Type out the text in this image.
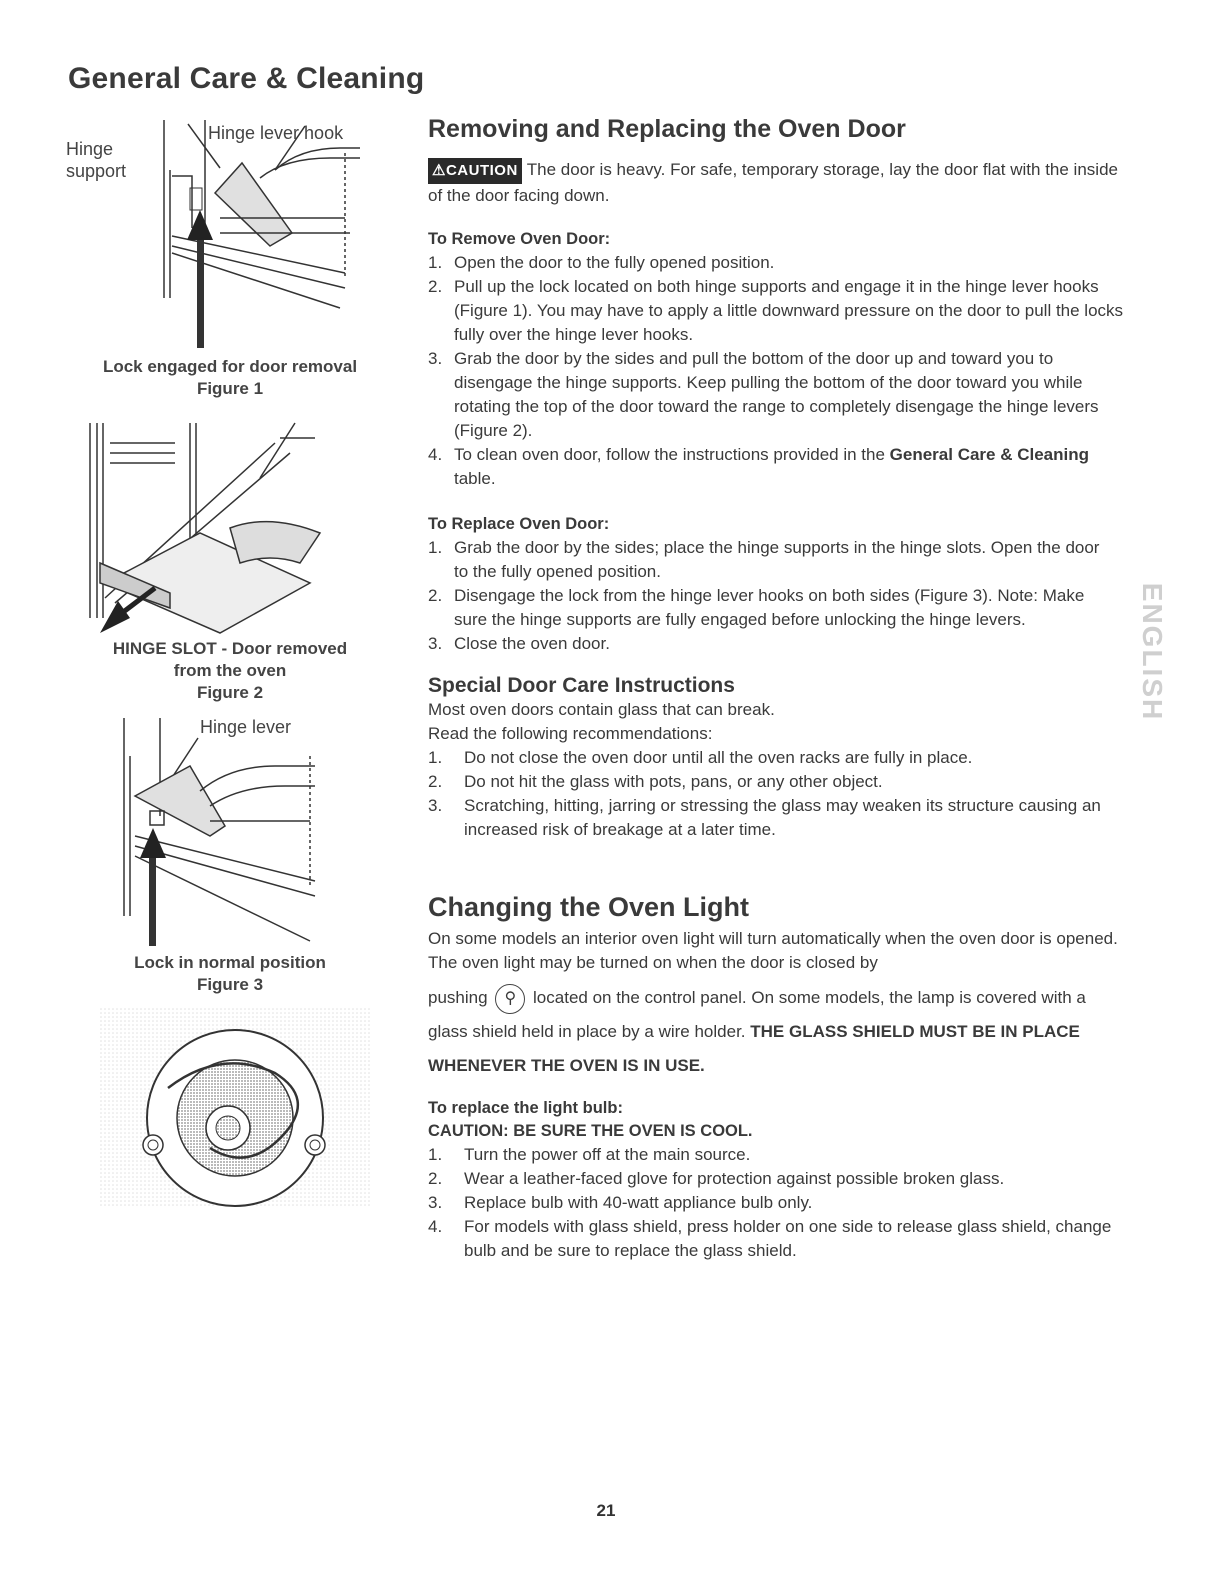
General Care & Cleaning
Hinge
support
Hinge lever hook
Lock engaged for door removal
Figure 1
HINGE SLOT - Door removed
from the oven
Figure 2
Hinge lever
Lock in normal position
Figure 3
Removing and Replacing the Oven Door

⚠CAUTION The door is heavy. For safe, temporary storage, lay the door flat with the inside of the door facing down.

To Remove Oven Door:
1. Open the door to the fully opened position.
2. Pull up the lock located on both hinge supports and engage it in the hinge lever hooks (Figure 1). You may have to apply a little downward pressure on the door to pull the locks fully over the hinge lever hooks.
3. Grab the door by the sides and pull the bottom of the door up and toward you to disengage the hinge supports. Keep pulling the bottom of the door toward you while rotating the top of the door toward the range to completely disengage the hinge levers (Figure 2).
4. To clean oven door, follow the instructions provided in the General Care & Cleaning table.
To Replace Oven Door:
1. Grab the door by the sides; place the hinge supports in the hinge slots. Open the door to the fully opened position.
2. Disengage the lock from the hinge lever hooks on both sides (Figure 3). Note: Make sure the hinge supports are fully engaged before unlocking the hinge levers.
3. Close the oven door.
Special Door Care Instructions

Most oven doors contain glass that can break.

Read the following recommendations:

1.	Do not close the oven door until all the oven racks are fully in place.
2.	Do not hit the glass with pots, pans, or any other object.
3.	Scratching, hitting, jarring or stressing the glass may weaken its structure causing an increased risk of breakage at a later time.
Changing the Oven Light

On some models an interior oven light will turn automatically when the oven door is opened. The oven light may be turned on when the door is closed by

pushing ⚲ located on the control panel. On some models, the lamp is covered with a glass shield held in place by a wire holder. THE GLASS SHIELD MUST BE IN PLACE WHENEVER THE OVEN IS IN USE.

To replace the light bulb:
CAUTION: BE SURE THE OVEN IS COOL.
1.	Turn the power off at the main source.
2.	Wear a leather-faced glove for protection against possible broken glass.
3.	Replace bulb with 40-watt appliance bulb only.
4.	For models with glass shield, press holder on one side to release glass shield, change bulb and be sure to replace the glass shield.
ENGLISH
21
